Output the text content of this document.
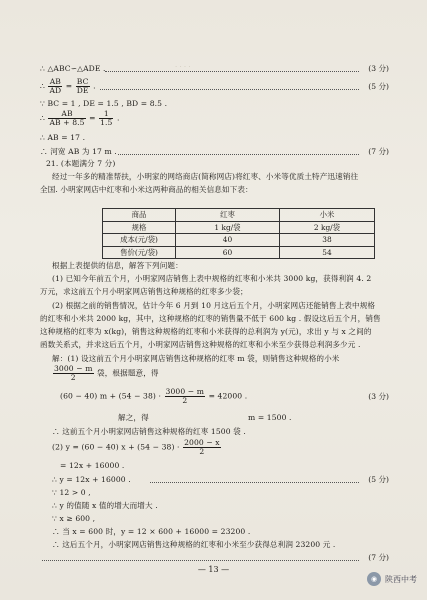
· · · ·
∴ △ABC∽△ADE .	(3 分)
∴ $\frac{AB}{AD} = \frac{BC}{DE}$ .	(5 分)
∵ BC = 1 , DE = 1.5 , BD = 8.5 .
∴ $\frac{AB}{AB + 8.5} = \frac{1}{1.5}$ .
∴ AB = 17 .
∴ 河宽 AB 为 17 m .	(7 分)
21. (本题满分 7 分)
经过一年多的精准帮扶，小明家的网络商店(简称网店)将红枣、小米等优质土特产迅速销往
全国. 小明家网店中红枣和小米这两种商品的相关信息如下表：
商品	红枣	小米
规格	1 kg/袋	2 kg/袋
成本(元/袋)	40	38
售价(元/袋)	60	54
根据上表提供的信息，解答下列问题：
(1) 已知今年前五个月，小明家网店销售上表中规格的红枣和小米共 3000 kg，获得利润 4. 2
万元，求这前五个月小明家网店销售这种规格的红枣多少袋；
(2) 根据之前的销售情况，估计今年 6 月到 10 月这后五个月，小明家网店还能销售上表中规格
的红枣和小米共 2000 kg，其中，这种规格的红枣的销售量不低于 600 kg . 假设这后五个月，销售
这种规格的红枣为 x(kg)，销售这种规格的红枣和小米获得的总利润为 y(元)，求出 y 与 x 之间的
函数关系式，并求这后五个月，小明家网店销售这种规格的红枣和小米至少获得总利润多少元 .
解：(1) 设这前五个月小明家网店销售这种规格的红枣 m 袋，则销售这种规格的小米
$\frac{3000 - m}{2}$ 袋，根据题意，得
(60 − 40) $m + (54 - 38) \cdot \frac{3000 - m}{2} = 42000$ .	(3 分)
解之，得	m = 1500 .
∴ 这前五个月小明家网店销售这种规格的红枣 1500 袋 .
(2) y = (60 − 40) $x + (54 - 38) \cdot \frac{2000 - x}{2}$
= 12x + 16000 .
∴ y = 12x + 16000 .	(5 分)
∵ 12 > 0 ,
∴ y 的值随 x 值的增大而增大 .
∵ x ≥ 600 ,
∴ 当 x = 600 时，y = 12 × 600 + 16000 = 23200 .
∴ 这后五个月，小明家网店销售这种规格的红枣和小米至少获得总利润 23200 元 .
(7 分)
— 13 —
◉ 陕西中考
